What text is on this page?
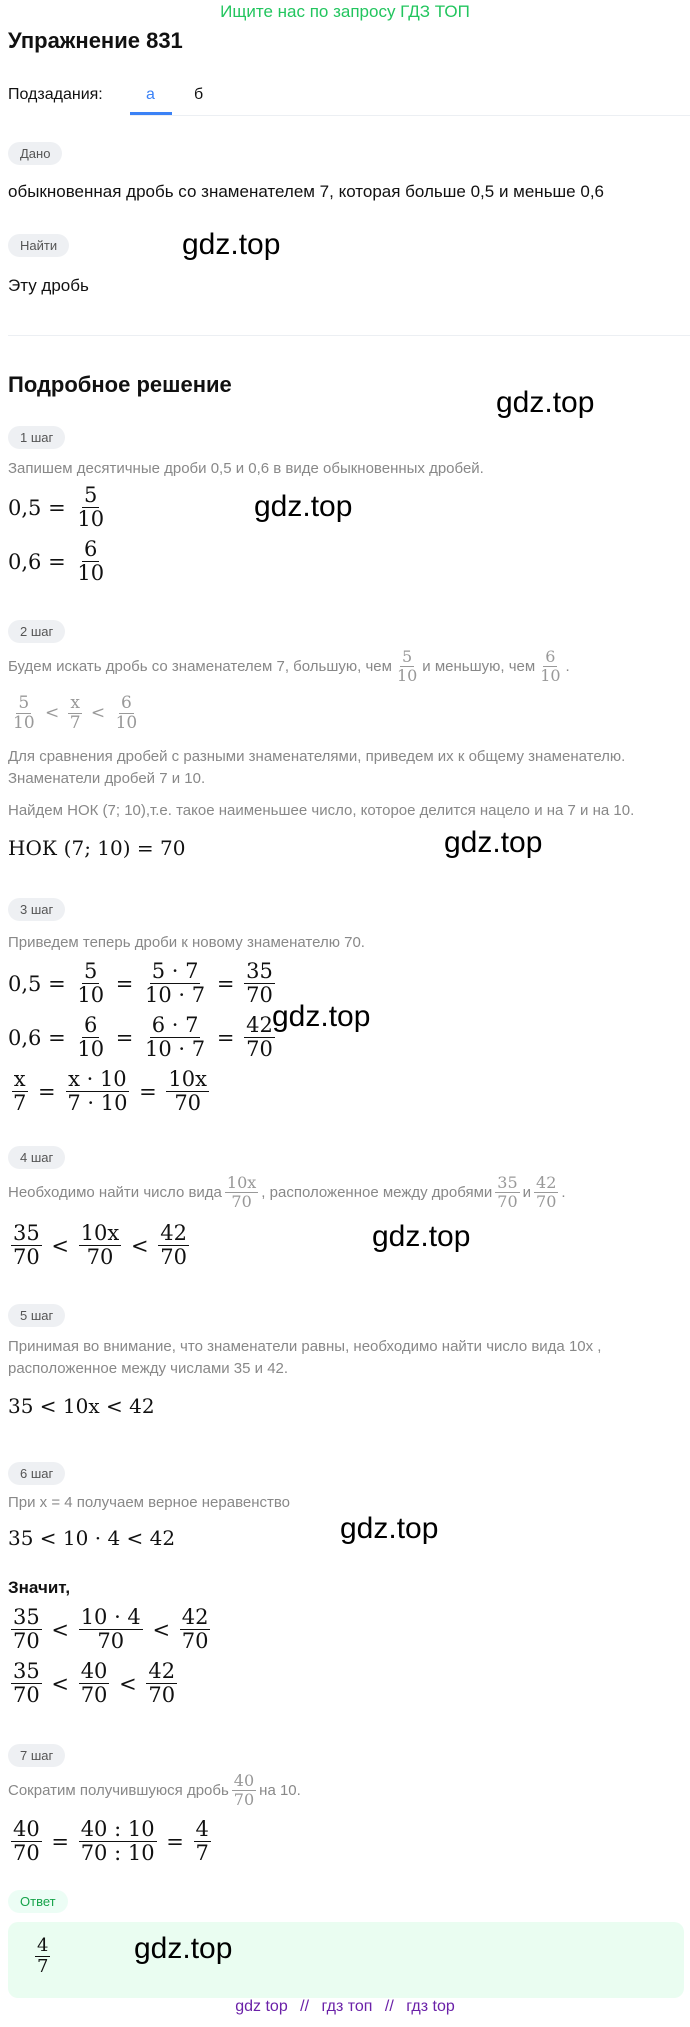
Ищите нас по запросу ГДЗ ТОП
Упражнение 831
Подзадания:	а б
Дано
обыкновенная дробь со знаменателем 7, которая больше 0,5 и меньше 0,6
Найти
Эту дробь
gdz.top
Подробное решение
gdz.top
1 шаг
Запишем десятичные дроби 0,5 и 0,6 в виде обыкновенных дробей.
$0,5 = \frac{5}{10}$
$0,6 = \frac{6}{10}$
gdz.top
2 шаг
Будем искать дробь со знаменателем 7, большую, чем $\frac{5}{10}$ и меньшую, чем $\frac{6}{10}$ .
$\frac{5}{10} < \frac{x}{7} < \frac{6}{10}$
Для сравнения дробей с разными знаменателями, приведем их к общему знаменателю.
Знаменатели дробей 7 и 10.
Найдем НОК (7; 10),т.е. такое наименьшее число, которое делится нацело и на 7 и на 10.
НОК (7; 10) = 70	gdz.top
3 шаг
Приведем теперь дроби к новому знаменателю 70.
$0,5 = \frac{5}{10} = \frac{5 \cdot 7}{10 \cdot 7} = \frac{35}{70}$
$0,6 = \frac{6}{10} = \frac{6 \cdot 7}{10 \cdot 7} = \frac{42}{70}$
$\frac{x}{7} = \frac{x \cdot 10}{7 \cdot 10} = \frac{10x}{70}$
gdz.top
4 шаг
Необходимо найти число вида $\frac{10x}{70}$ , расположенное между дробями $\frac{35}{70}$ и $\frac{42}{70}$ .
$\frac{35}{70} < \frac{10x}{70} < \frac{42}{70}$	gdz.top
5 шаг
Принимая во внимание, что знаменатели равны, необходимо найти число вида 10x ,
расположенное между числами 35 и 42.
35 < 10x < 42
6 шаг
При x = 4 получаем верное неравенство
35 < 10 · 4 < 42	gdz.top
Значит,
$\frac{35}{70} < \frac{10 \cdot 4}{70} < \frac{42}{70}$
$\frac{35}{70} < \frac{40}{70} < \frac{42}{70}$
7 шаг
Сократим получившуюся дробь $\frac{40}{70}$ на 10.
$\frac{40}{70} = \frac{40 : 10}{70 : 10} = \frac{4}{7}$
Ответ
$\frac{4}{7}$	gdz.top
gdz top // гдз топ // гдз top
